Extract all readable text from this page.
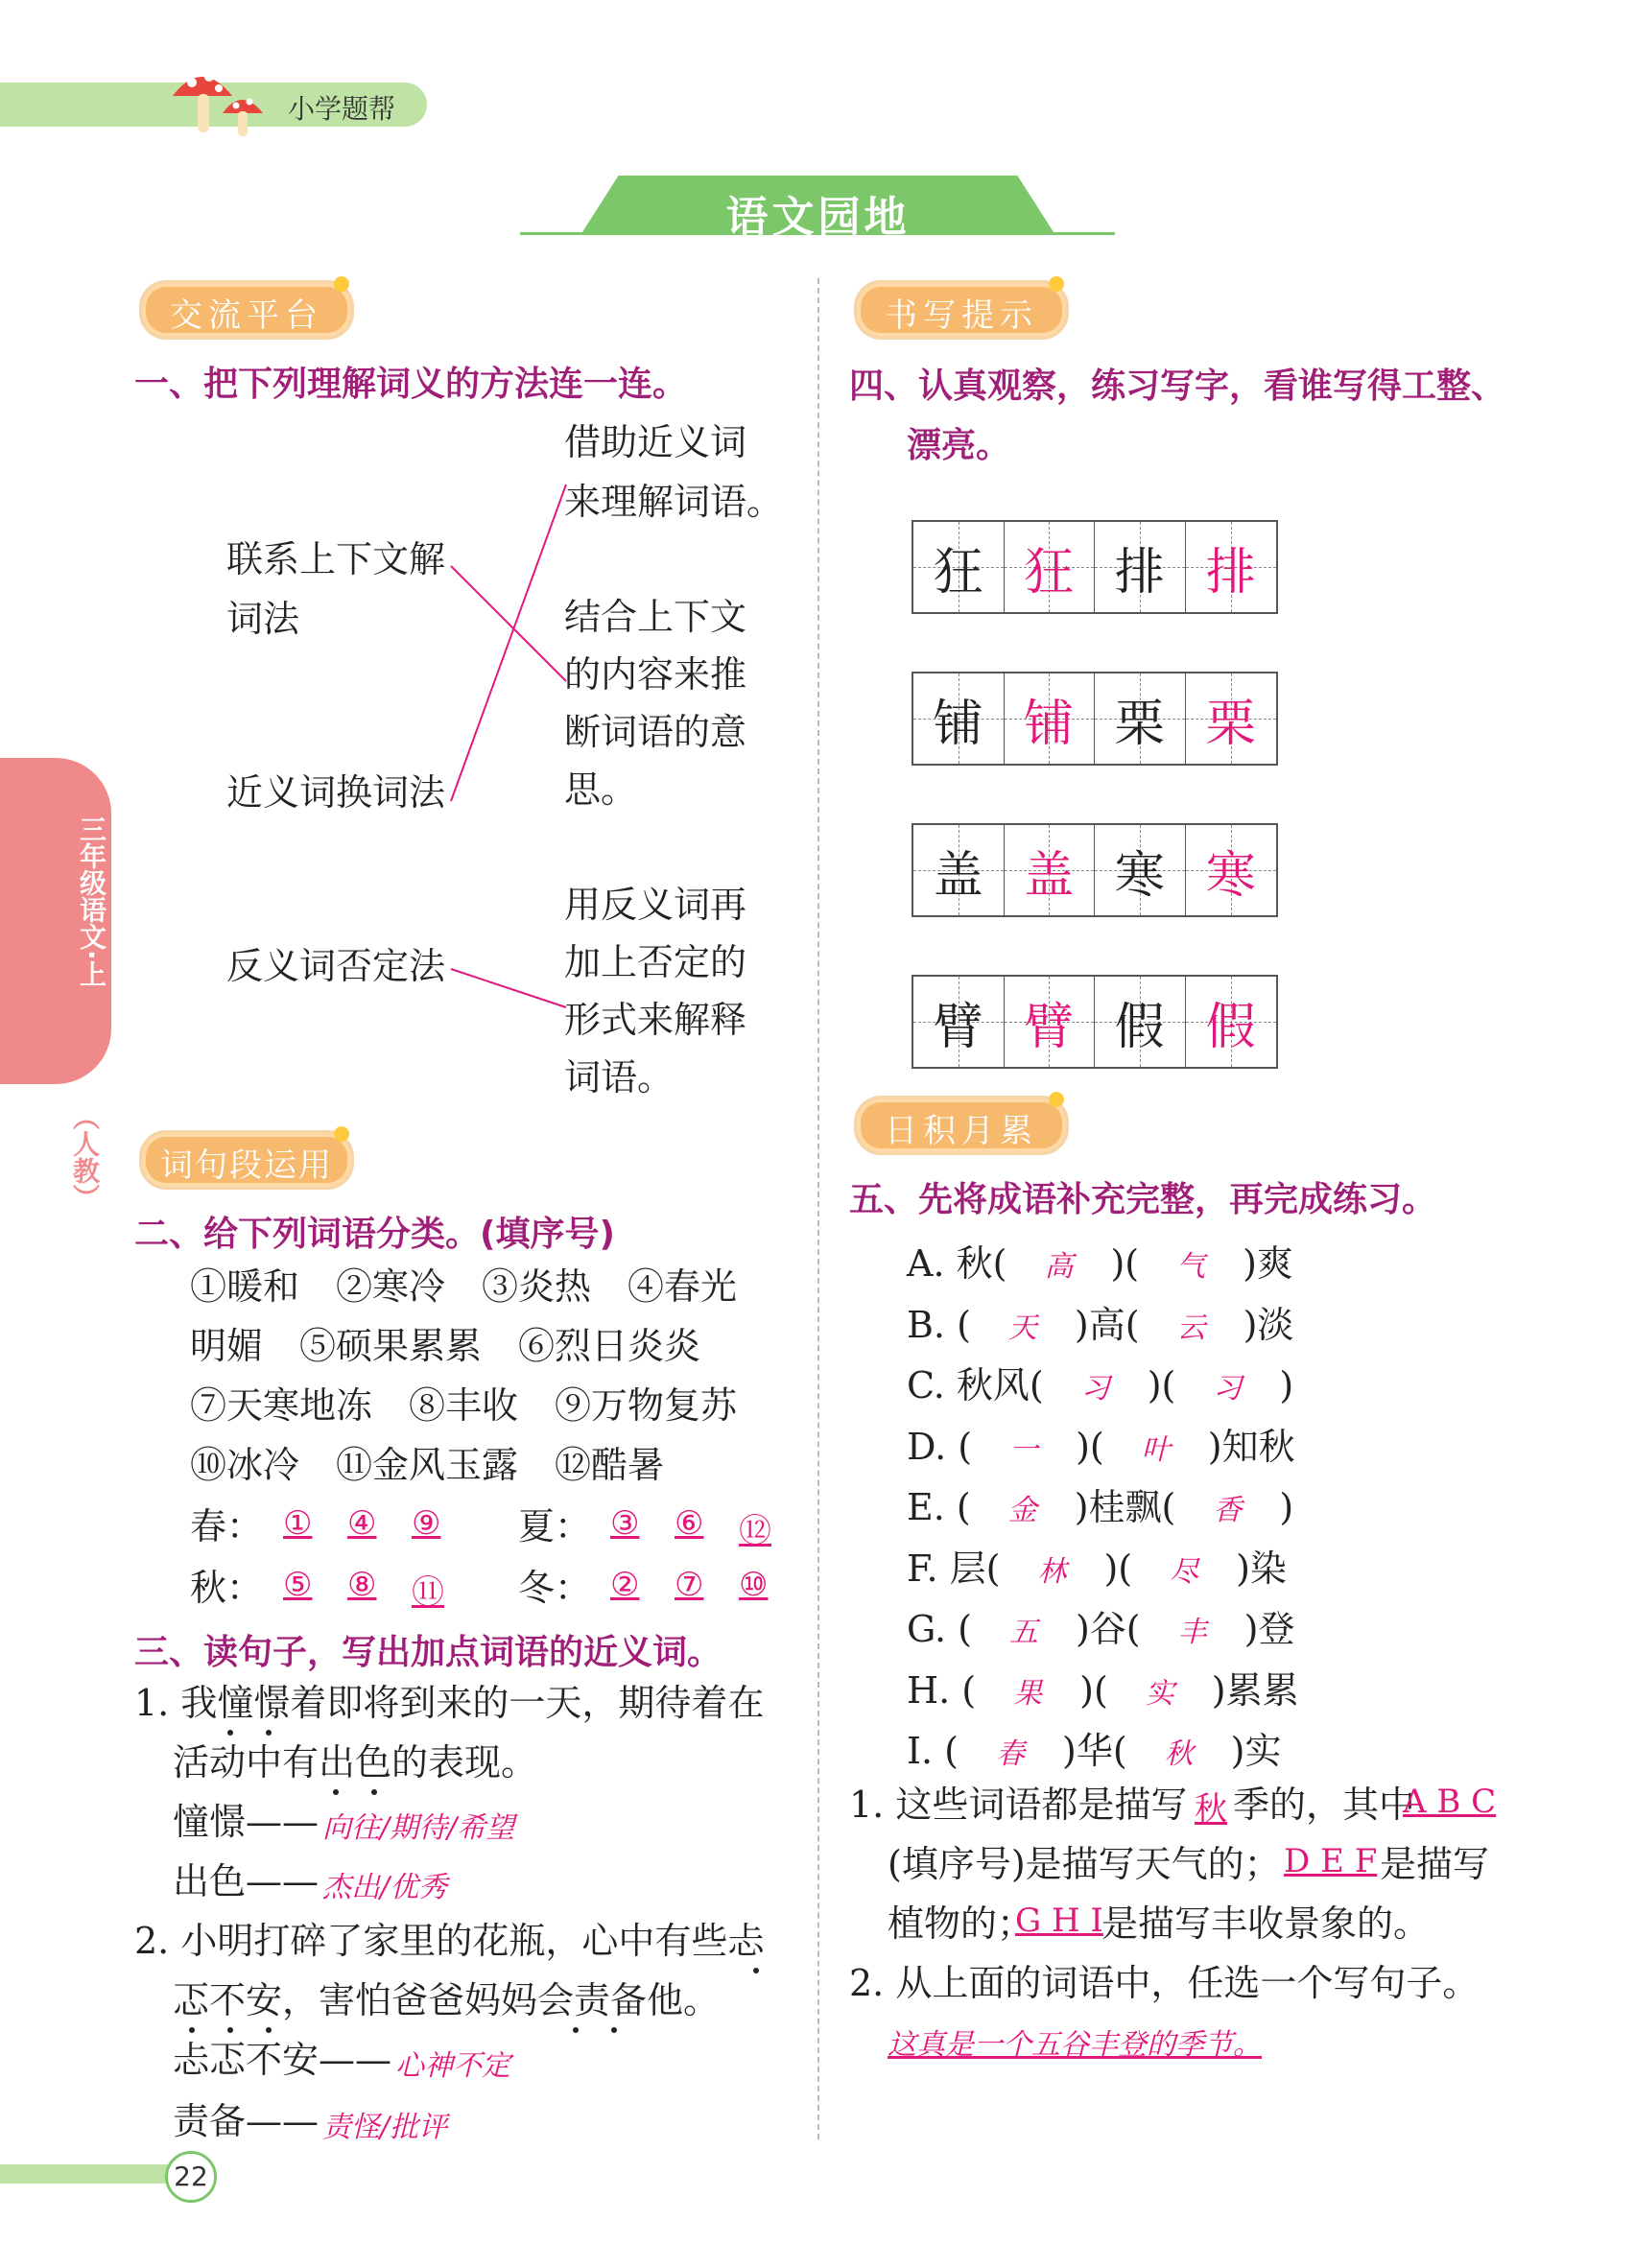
小学题帮
语文园地
三年级语文·上
（人教）
交流平台
一、把下列理解词义的方法连一连。
联系上下文解
词法
近义词换词法
反义词否定法
借助近义词
来理解词语。
结合上下文
的内容来推
断词语的意
思。
用反义词再
加上否定的
形式来解释
词语。
词句段运用
二、给下列词语分类。(填序号)
①暖和　②寒冷　③炎热　④春光
明媚　⑤硕果累累　⑥烈日炎炎
⑦天寒地冻　⑧丰收　⑨万物复苏
⑩冰冷　⑪金风玉露　⑫酷暑
春： ① ④ ⑨ 夏： ③ ⑥ ⑫
秋： ⑤ ⑧ ⑪ 冬： ② ⑦ ⑩
三、读句子，写出加点词语的近义词。
1. 我憧憬着即将到来的一天，期待着在
活动中有出色的表现。
憧憬—— 向往/期待/希望
出色—— 杰出/优秀
2. 小明打碎了家里的花瓶，心中有些忐
忑不安，害怕爸爸妈妈会责备他。
忐忑不安—— 心神不定
责备—— 责怪/批评
22
书写提示
四、认真观察，练习写字，看谁写得工整、
漂亮。
狂 狂 排 排
铺 铺 栗 栗
盖 盖 寒 寒
臂 臂 假 假
日积月累
五、先将成语补充完整，再完成练习。
A. 秋( 高 )( 气 )爽
B. ( 天 )高( 云 )淡
C. 秋风( 习 )( 习 )
D. ( 一 )( 叶 )知秋
E. ( 金 )桂飘( 香 )
F. 层( 林 )( 尽 )染
G. ( 五 )谷( 丰 )登
H. ( 果 )( 实 )累累
I. ( 春 )华( 秋 )实
1. 这些词语都是描写 秋 季的，其中
A B C
(填序号)是描写天气的； D E F 是描写
植物的；
G H I
是描写丰收景象的。
2. 从上面的词语中，任选一个写句子。
这真是一个五谷丰登的季节。
